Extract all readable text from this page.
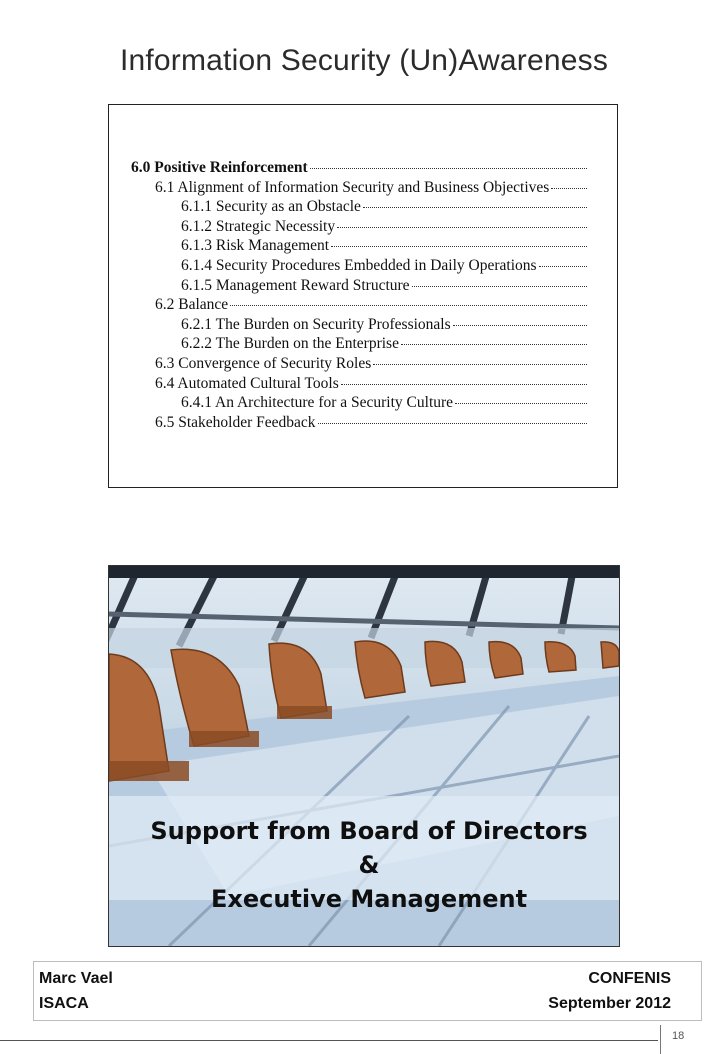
Information Security (Un)Awareness
6.0 Positive Reinforcement
6.1 Alignment of Information Security and Business Objectives
6.1.1 Security as an Obstacle
6.1.2 Strategic Necessity
6.1.3 Risk Management
6.1.4 Security Procedures Embedded in Daily Operations
6.1.5 Management Reward Structure
6.2 Balance
6.2.1 The Burden on Security Professionals
6.2.2 The Burden on the Enterprise
6.3 Convergence of Security Roles
6.4 Automated Cultural Tools
6.4.1 An Architecture for a Security Culture
6.5 Stakeholder Feedback
Support from Board of Directors &
Executive Management
Marc Vael
ISACA
CONFENIS
September 2012
18
